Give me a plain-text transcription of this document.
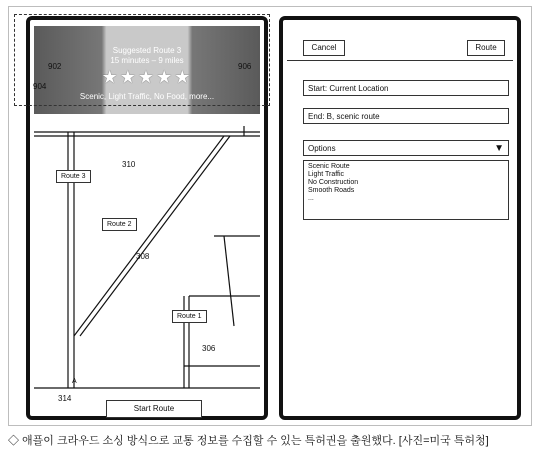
Suggested Route 3
15 minutes – 9 miles
★★★★★
Scenic, Light Traffic, No Food, more...
Route 3
Route 2
Route 1
A
Start Route
902
904
906
310
308
306
314
Cancel	Route
Start: Current Location
End: B, scenic route
Options	▼
Scenic Route
Light Traffic
No Construction
Smooth Roads
...
◇ 애플이 크라우드 소싱 방식으로 교통 정보를 수집할 수 있는 특허권을 출원했다. [사진=미국 특허청]
